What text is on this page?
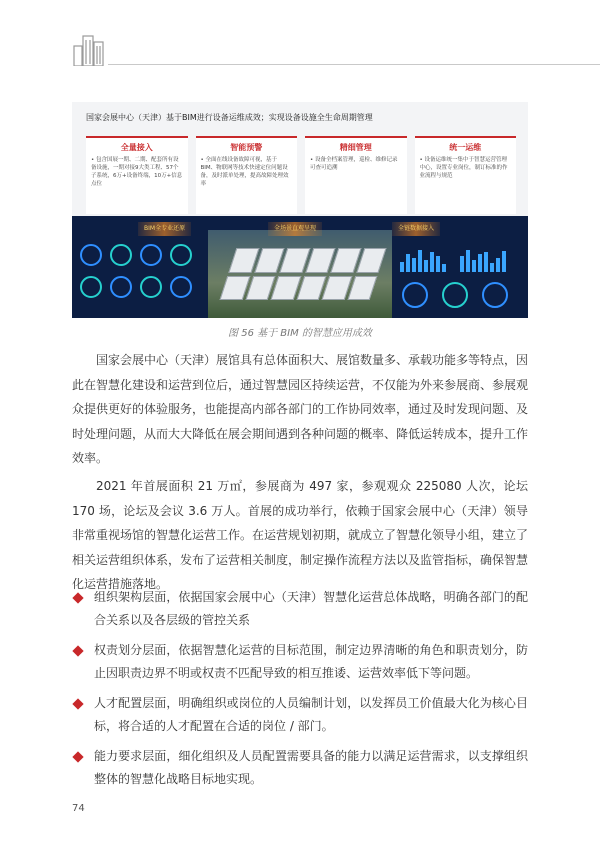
国家会展中心（天津）基于BIM进行设备运维成效；实现设备设施全生命周期管理
全量接入
• 包含国展一期、二期、配套所有设备设施，一期对接9大类工程、57个子系统，6万+设备终端，10万+信息点位
智能预警
• 全面在线设备故障可视，基于BIM、物联网等技术快速定位问题设备，及时派单处理，提高故障处理效率
精细管理
• 设备全档案管理，巡检、维修记录可查可追溯
统一运维
• 设备运维统一集中于智慧运营管理中心，设置专业岗位，制订标准的作业流程与规范
BIM全专业还原	全场景直观呈现	全链数据接入
图 56 基于 BIM 的智慧应用成效

国家会展中心（天津）展馆具有总体面积大、展馆数量多、承载功能多等特点，因此在智慧化建设和运营到位后，通过智慧园区持续运营，不仅能为外来参展商、参展观众提供更好的体验服务，也能提高内部各部门的工作协同效率，通过及时发现问题、及时处理问题，从而大大降低在展会期间遇到各种问题的概率、降低运转成本，提升工作效率。

2021 年首展面积 21 万㎡，参展商为 497 家，参观观众 225080 人次，论坛 170 场，论坛及会议 3.6 万人。首展的成功举行，依赖于国家会展中心（天津）领导非常重视场馆的智慧化运营工作。在运营规划初期，就成立了智慧化领导小组，建立了相关运营组织体系，发布了运营相关制度，制定操作流程方法以及监管指标，确保智慧化运营措施落地。

组织架构层面，依据国家会展中心（天津）智慧化运营总体战略，明确各部门的配合关系以及各层级的管控关系
权责划分层面，依据智慧化运营的目标范围，制定边界清晰的角色和职责划分，防止因职责边界不明或权责不匹配导致的相互推诿、运营效率低下等问题。
人才配置层面，明确组织或岗位的人员编制计划，以发挥员工价值最大化为核心目标，将合适的人才配置在合适的岗位 / 部门。
能力要求层面，细化组织及人员配置需要具备的能力以满足运营需求，以支撑组织整体的智慧化战略目标地实现。
74
